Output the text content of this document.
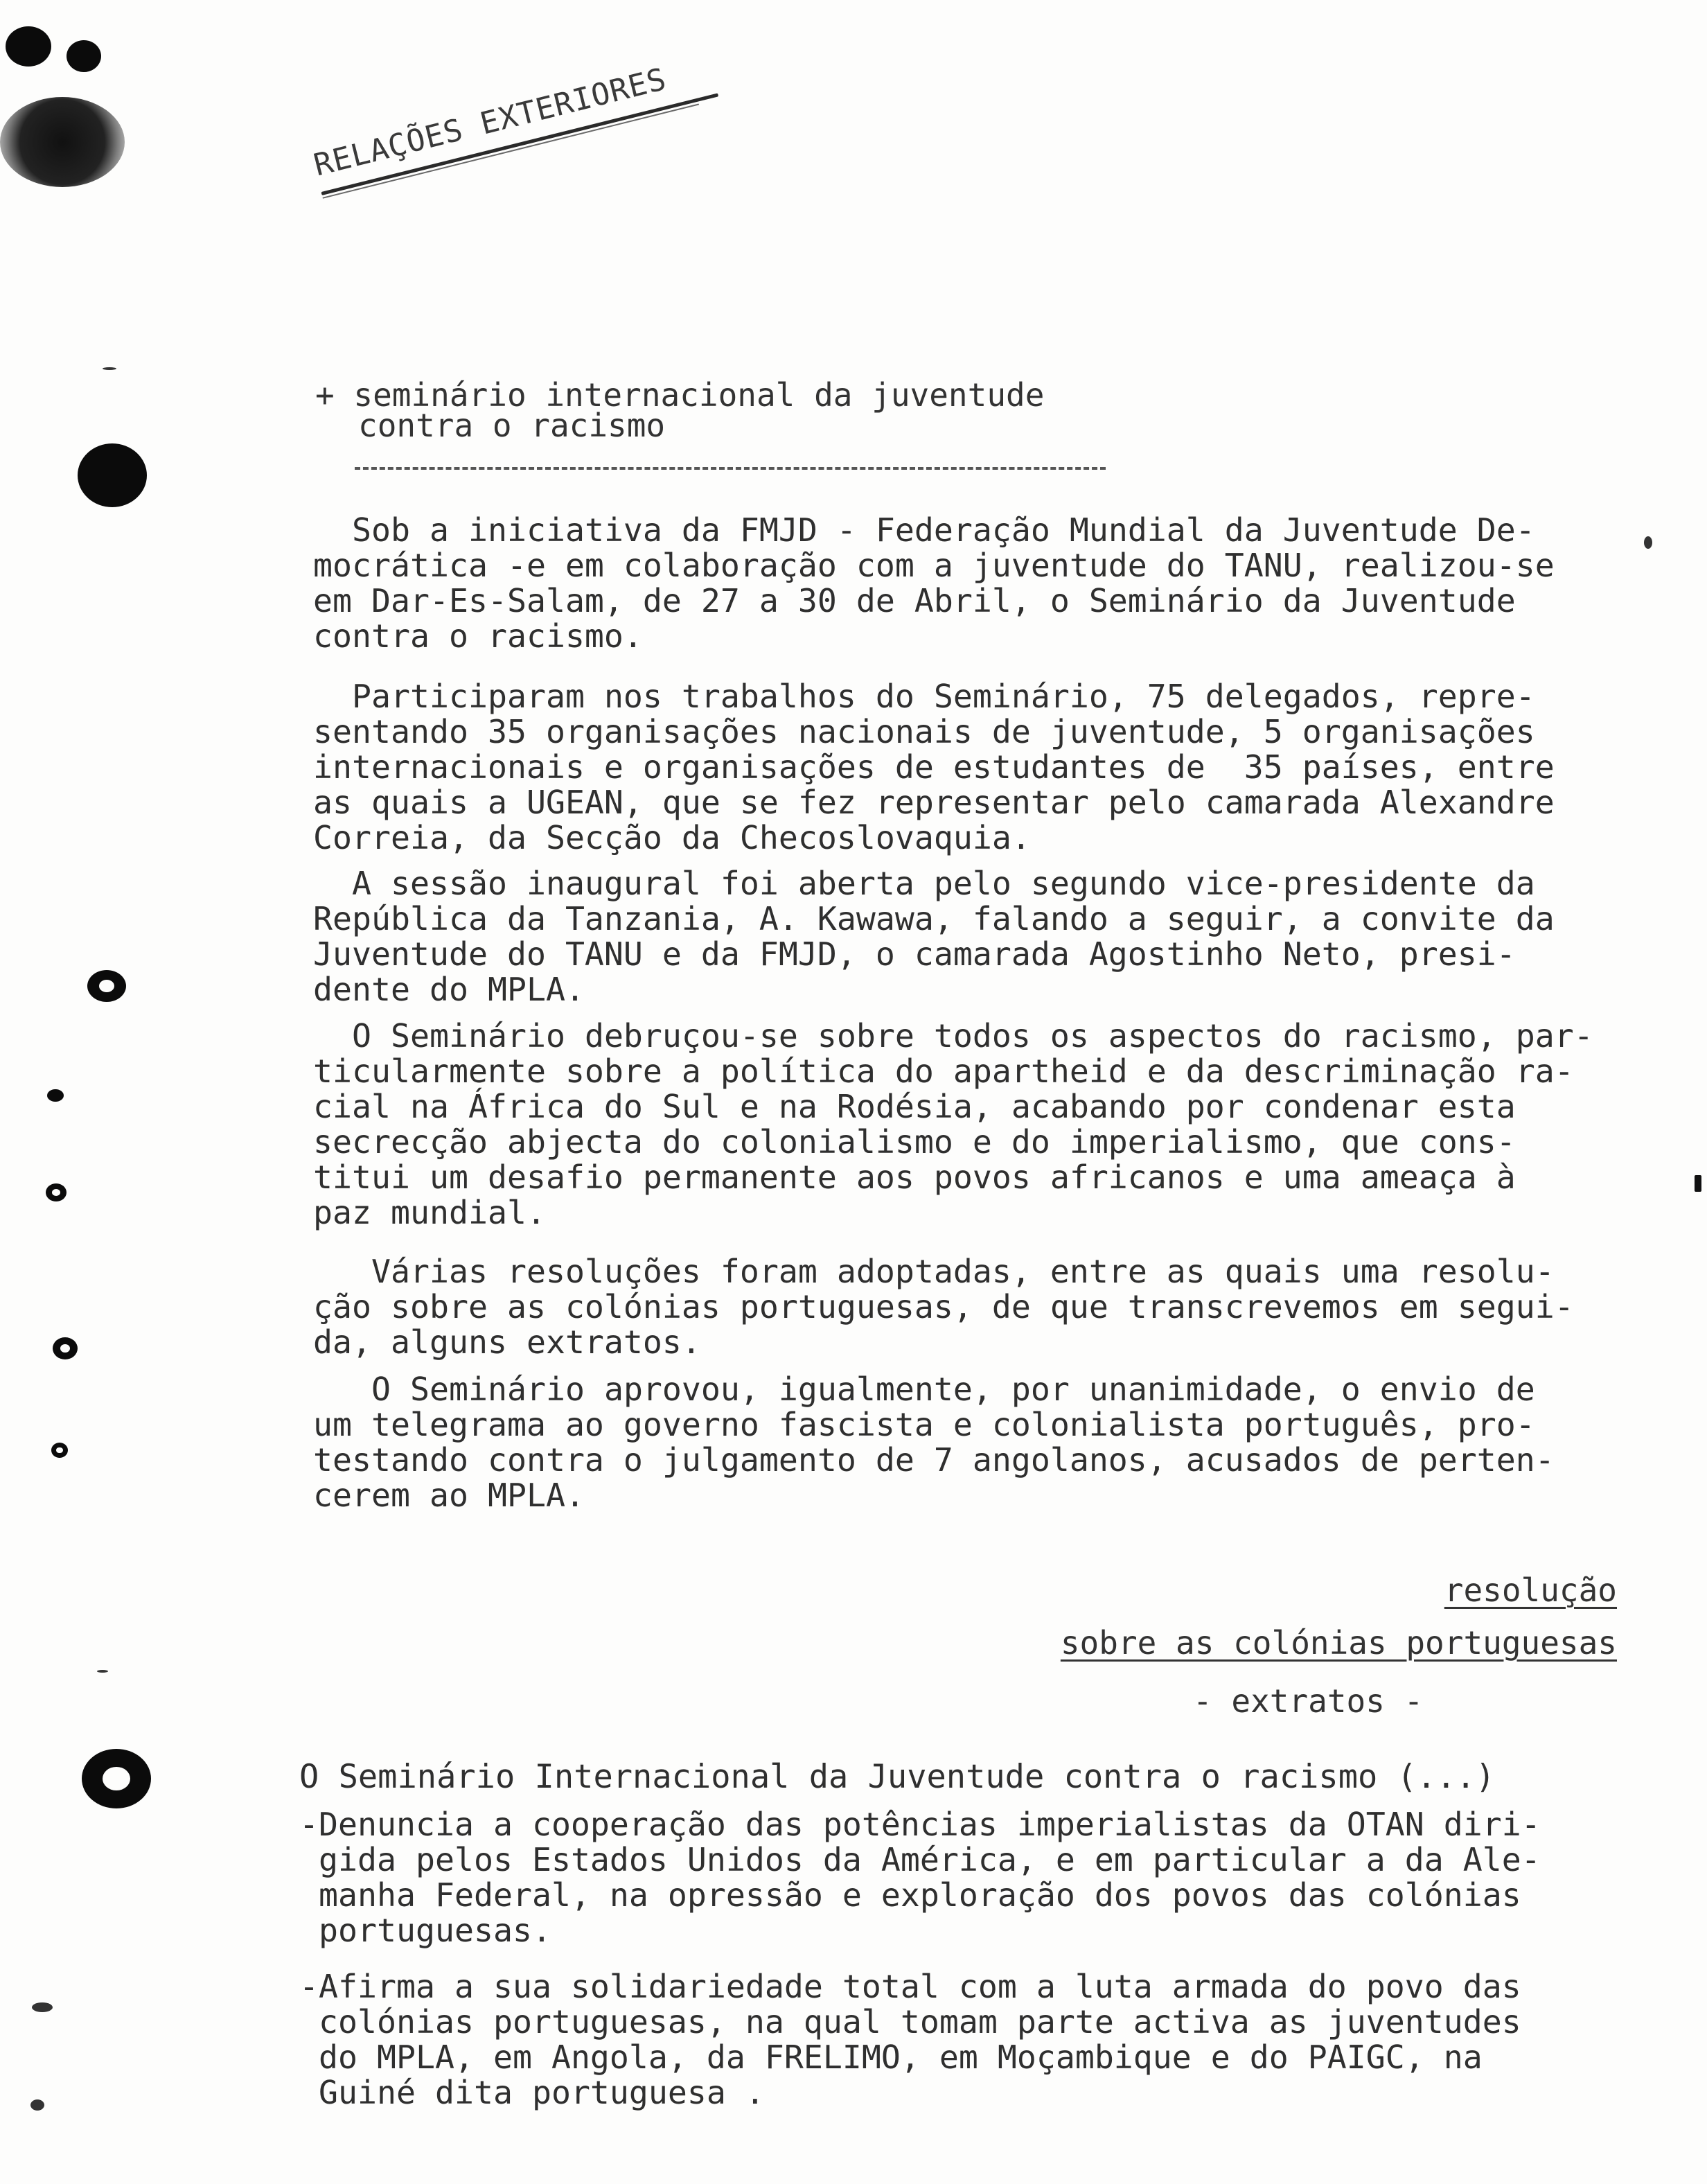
RELAÇÕES EXTERIORES
+ seminário internacional da juventude
contra o racismo

Sob a iniciativa da FMJD - Federação Mundial da Juventude De-
mocrática -e em colaboração com a juventude do TANU, realizou-se
em Dar-Es-Salam, de 27 a 30 de Abril, o Seminário da Juventude
contra o racismo.

Participaram nos trabalhos do Seminário, 75 delegados, repre-
sentando 35 organisações nacionais de juventude, 5 organisações
internacionais e organisações de estudantes de  35 países, entre
as quais a UGEAN, que se fez representar pelo camarada Alexandre
Correia, da Secção da Checoslovaquia.

A sessão inaugural foi aberta pelo segundo vice-presidente da
República da Tanzania, A. Kawawa, falando a seguir, a convite da
Juventude do TANU e da FMJD, o camarada Agostinho Neto, presi-
dente do MPLA.

O Seminário debruçou-se sobre todos os aspectos do racismo, par-
ticularmente sobre a política do apartheid e da descriminação ra-
cial na África do Sul e na Rodésia, acabando por condenar esta
secrecção abjecta do colonialismo e do imperialismo, que cons-
titui um desafio permanente aos povos africanos e uma ameaça à
paz mundial.

Várias resoluções foram adoptadas, entre as quais uma resolu-
ção sobre as colónias portuguesas, de que transcrevemos em segui-
da, alguns extratos.

O Seminário aprovou, igualmente, por unanimidade, o envio de
um telegrama ao governo fascista e colonialista português, pro-
testando contra o julgamento de 7 angolanos, acusados de perten-
cerem ao MPLA.

resolução
sobre as colónias portuguesas
- extratos -
O Seminário Internacional da Juventude contra o racismo (...)

-Denuncia a cooperação das potências imperialistas da OTAN diri-
gida pelos Estados Unidos da América, e em particular a da Ale-
manha Federal, na opressão e exploração dos povos das colónias
portuguesas.

-Afirma a sua solidariedade total com a luta armada do povo das
colónias portuguesas, na qual tomam parte activa as juventudes
do MPLA, em Angola, da FRELIMO, em Moçambique e do PAIGC, na
Guiné dita portuguesa .
